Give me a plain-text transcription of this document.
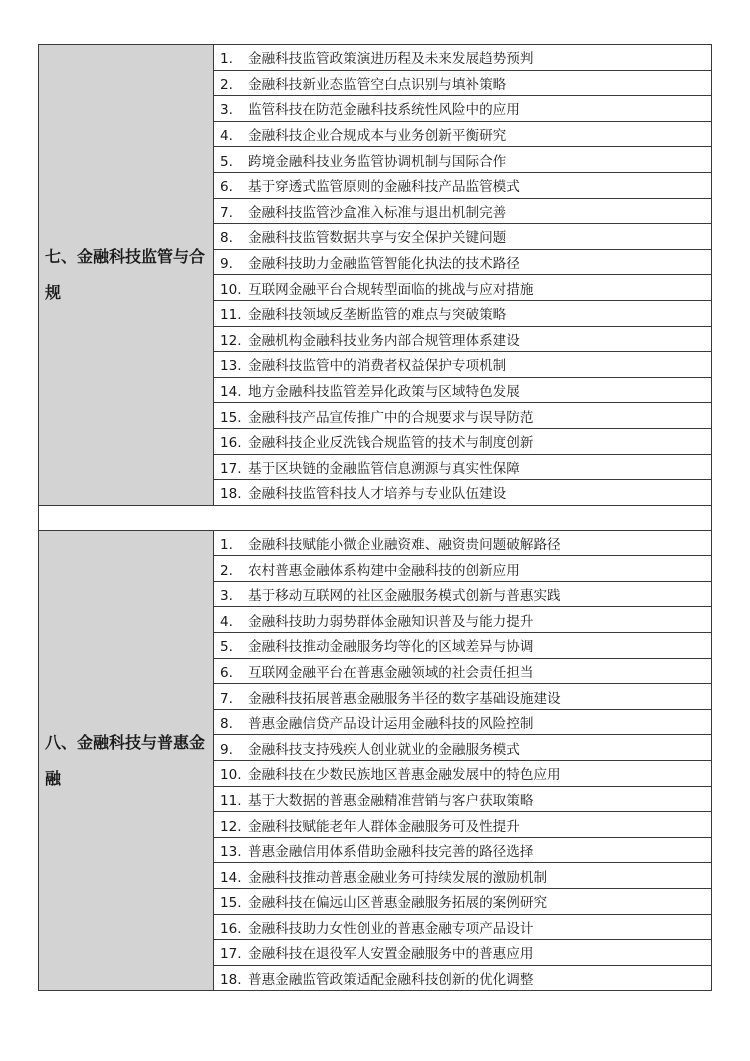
七、金融科技监管与合规	1. 金融科技监管政策演进历程及未来发展趋势预判
	2. 金融科技新业态监管空白点识别与填补策略
	3. 监管科技在防范金融科技系统性风险中的应用
	4. 金融科技企业合规成本与业务创新平衡研究
	5. 跨境金融科技业务监管协调机制与国际合作
	6. 基于穿透式监管原则的金融科技产品监管模式
	7. 金融科技监管沙盒准入标准与退出机制完善
	8. 金融科技监管数据共享与安全保护关键问题
	9. 金融科技助力金融监管智能化执法的技术路径
	10. 互联网金融平台合规转型面临的挑战与应对措施
	11. 金融科技领域反垄断监管的难点与突破策略
	12. 金融机构金融科技业务内部合规管理体系建设
	13. 金融科技监管中的消费者权益保护专项机制
	14. 地方金融科技监管差异化政策与区域特色发展
	15. 金融科技产品宣传推广中的合规要求与误导防范
	16. 金融科技企业反洗钱合规监管的技术与制度创新
	17. 基于区块链的金融监管信息溯源与真实性保障
	18. 金融科技监管科技人才培养与专业队伍建设

八、金融科技与普惠金融	1. 金融科技赋能小微企业融资难、融资贵问题破解路径
	2. 农村普惠金融体系构建中金融科技的创新应用
	3. 基于移动互联网的社区金融服务模式创新与普惠实践
	4. 金融科技助力弱势群体金融知识普及与能力提升
	5. 金融科技推动金融服务均等化的区域差异与协调
	6. 互联网金融平台在普惠金融领域的社会责任担当
	7. 金融科技拓展普惠金融服务半径的数字基础设施建设
	8. 普惠金融信贷产品设计运用金融科技的风险控制
	9. 金融科技支持残疾人创业就业的金融服务模式
	10. 金融科技在少数民族地区普惠金融发展中的特色应用
	11. 基于大数据的普惠金融精准营销与客户获取策略
	12. 金融科技赋能老年人群体金融服务可及性提升
	13. 普惠金融信用体系借助金融科技完善的路径选择
	14. 金融科技推动普惠金融业务可持续发展的激励机制
	15. 金融科技在偏远山区普惠金融服务拓展的案例研究
	16. 金融科技助力女性创业的普惠金融专项产品设计
	17. 金融科技在退役军人安置金融服务中的普惠应用
	18. 普惠金融监管政策适配金融科技创新的优化调整
